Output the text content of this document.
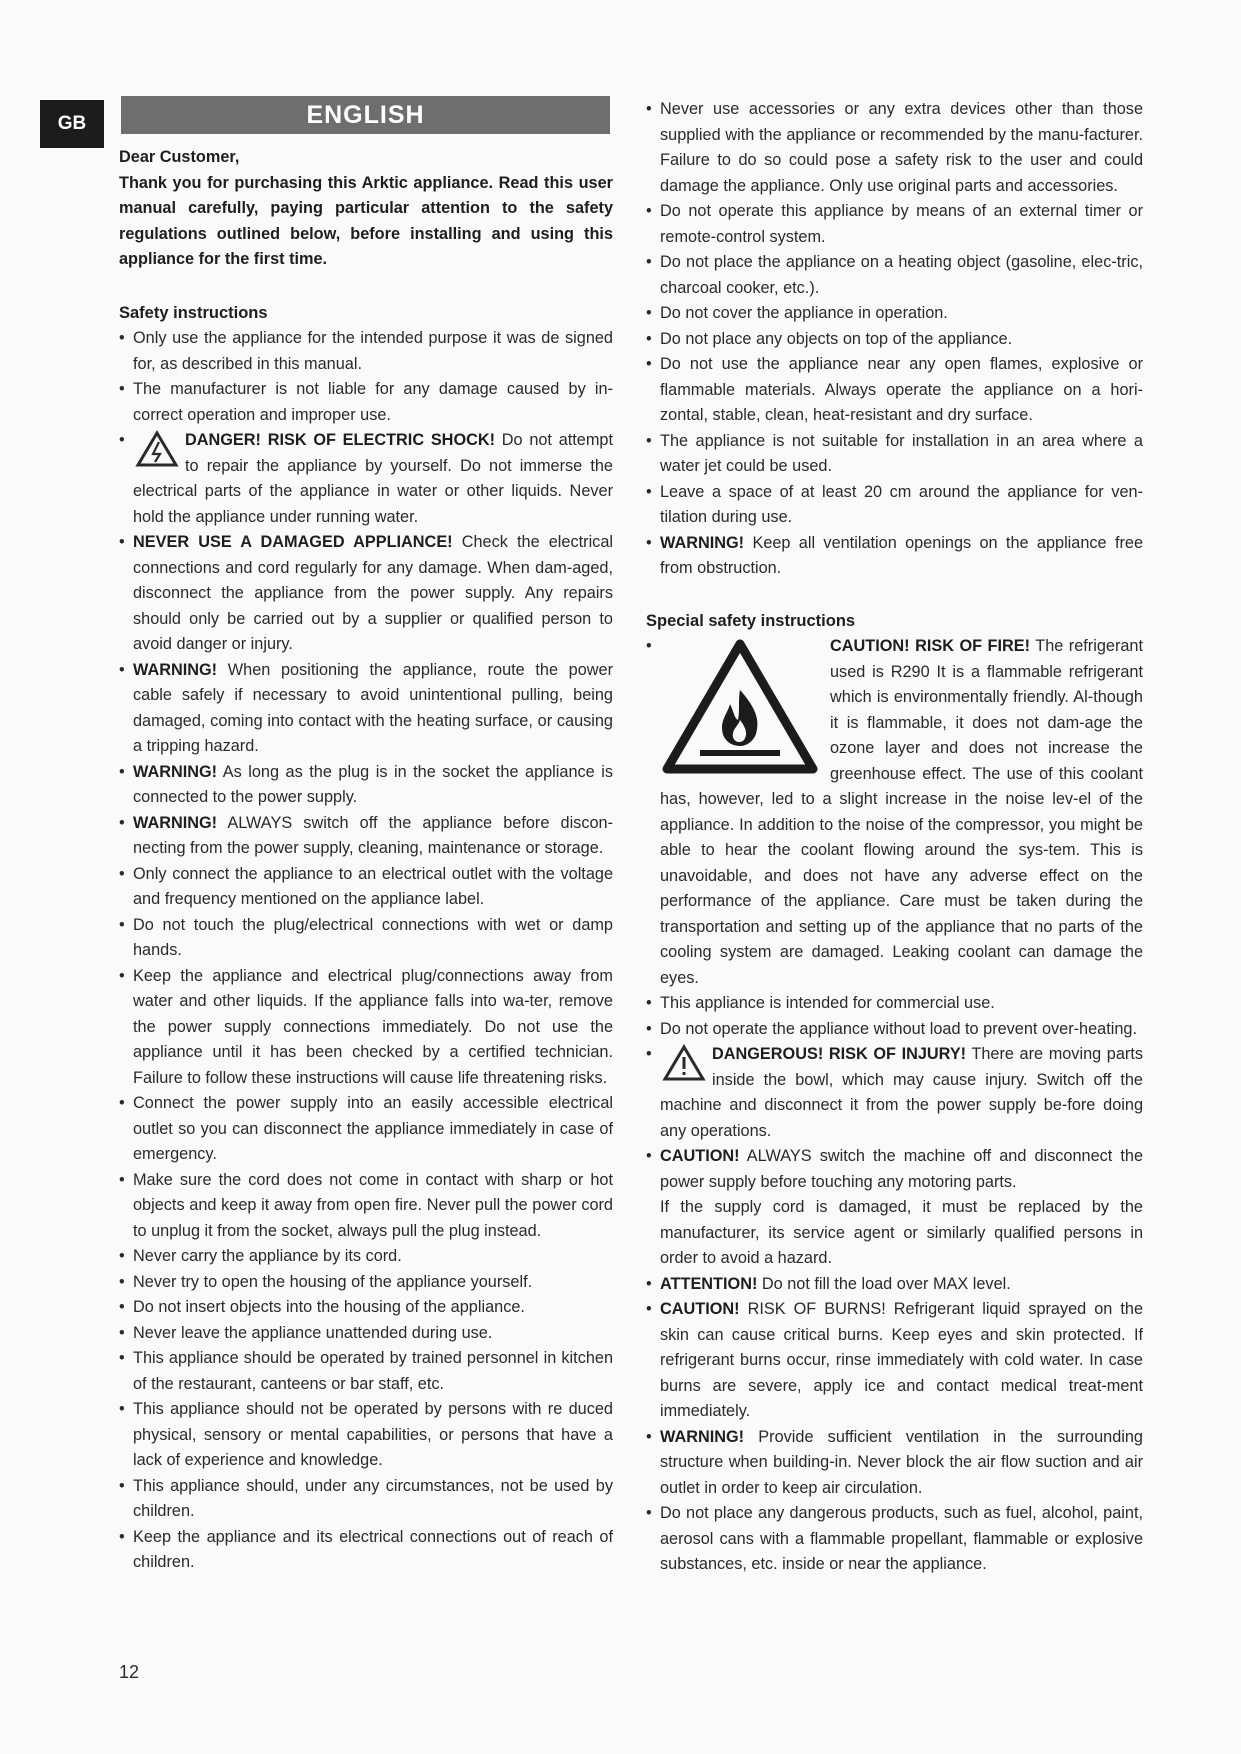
GB	ENGLISH

Dear Customer,

Thank you for purchasing this Arktic appliance. Read this user manual carefully, paying particular attention to the safety regulations outlined below, before installing and using this appliance for the first time.

Safety instructions
• Only use the appliance for the intended purpose it was de signed for, as described in this manual.
• The manufacturer is not liable for any damage caused by in-correct operation and improper use.
• DANGER! RISK OF ELECTRIC SHOCK! Do not attempt to repair the appliance by yourself. Do not immerse the electrical parts of the appliance in water or other liquids. Never hold the appliance under running water.
• NEVER USE A DAMAGED APPLIANCE! Check the electrical connections and cord regularly for any damage. When dam-aged, disconnect the appliance from the power supply. Any repairs should only be carried out by a supplier or qualified person to avoid danger or injury.
• WARNING! When positioning the appliance, route the power cable safely if necessary to avoid unintentional pulling, being damaged, coming into contact with the heating surface, or causing a tripping hazard.
• WARNING! As long as the plug is in the socket the appliance is connected to the power supply.
• WARNING! ALWAYS switch off the appliance before discon-necting from the power supply, cleaning, maintenance or storage.
• Only connect the appliance to an electrical outlet with the voltage and frequency mentioned on the appliance label.
• Do not touch the plug/electrical connections with wet or damp hands.
• Keep the appliance and electrical plug/connections away from water and other liquids. If the appliance falls into wa-ter, remove the power supply connections immediately. Do not use the appliance until it has been checked by a certified technician. Failure to follow these instructions will cause life threatening risks.
• Connect the power supply into an easily accessible electrical outlet so you can disconnect the appliance immediately in case of emergency.
• Make sure the cord does not come in contact with sharp or hot objects and keep it away from open fire. Never pull the power cord to unplug it from the socket, always pull the plug instead.
• Never carry the appliance by its cord.
• Never try to open the housing of the appliance yourself.
• Do not insert objects into the housing of the appliance.
• Never leave the appliance unattended during use.
• This appliance should be operated by trained personnel in kitchen of the restaurant, canteens or bar staff, etc.
• This appliance should not be operated by persons with re duced physical, sensory or mental capabilities, or persons that have a lack of experience and knowledge.
• This appliance should, under any circumstances, not be used by children.
• Keep the appliance and its electrical connections out of reach of children.
• Never use accessories or any extra devices other than those supplied with the appliance or recommended by the manu-facturer. Failure to do so could pose a safety risk to the user and could damage the appliance. Only use original parts and accessories.
• Do not operate this appliance by means of an external timer or remote-control system.
• Do not place the appliance on a heating object (gasoline, elec-tric, charcoal cooker, etc.).
• Do not cover the appliance in operation.
• Do not place any objects on top of the appliance.
• Do not use the appliance near any open flames, explosive or flammable materials. Always operate the appliance on a hori-zontal, stable, clean, heat-resistant and dry surface.
• The appliance is not suitable for installation in an area where a water jet could be used.
• Leave a space of at least 20 cm around the appliance for ven-tilation during use.
• WARNING! Keep all ventilation openings on the appliance free from obstruction.
Special safety instructions
• CAUTION! RISK OF FIRE! The refrigerant used is R290 It is a flammable refrigerant which is environmentally friendly. Al-though it is flammable, it does not dam-age the ozone layer and does not increase the greenhouse effect. The use of this coolant has, however, led to a slight increase in the noise lev-el of the appliance. In addition to the noise of the compressor, you might be able to hear the coolant flowing around the sys-tem. This is unavoidable, and does not have any adverse effect on the performance of the appliance. Care must be taken during the transportation and setting up of the appliance that no parts of the cooling system are damaged. Leaking coolant can damage the eyes.
• This appliance is intended for commercial use.
• Do not operate the appliance without load to prevent over-heating.
• DANGEROUS! RISK OF INJURY! There are moving parts inside the bowl, which may cause injury. Switch off the machine and disconnect it from the power supply be-fore doing any operations.
• CAUTION! ALWAYS switch the machine off and disconnect the power supply before touching any motoring parts.
If the supply cord is damaged, it must be replaced by the manufacturer, its service agent or similarly qualified persons in order to avoid a hazard.
• ATTENTION! Do not fill the load over MAX level.
• CAUTION! RISK OF BURNS! Refrigerant liquid sprayed on the skin can cause critical burns. Keep eyes and skin protected. If refrigerant burns occur, rinse immediately with cold water. In case burns are severe, apply ice and contact medical treat-ment immediately.
• WARNING! Provide sufficient ventilation in the surrounding structure when building-in. Never block the air flow suction and air outlet in order to keep air circulation.
• Do not place any dangerous products, such as fuel, alcohol, paint, aerosol cans with a flammable propellant, flammable or explosive substances, etc. inside or near the appliance.
12
